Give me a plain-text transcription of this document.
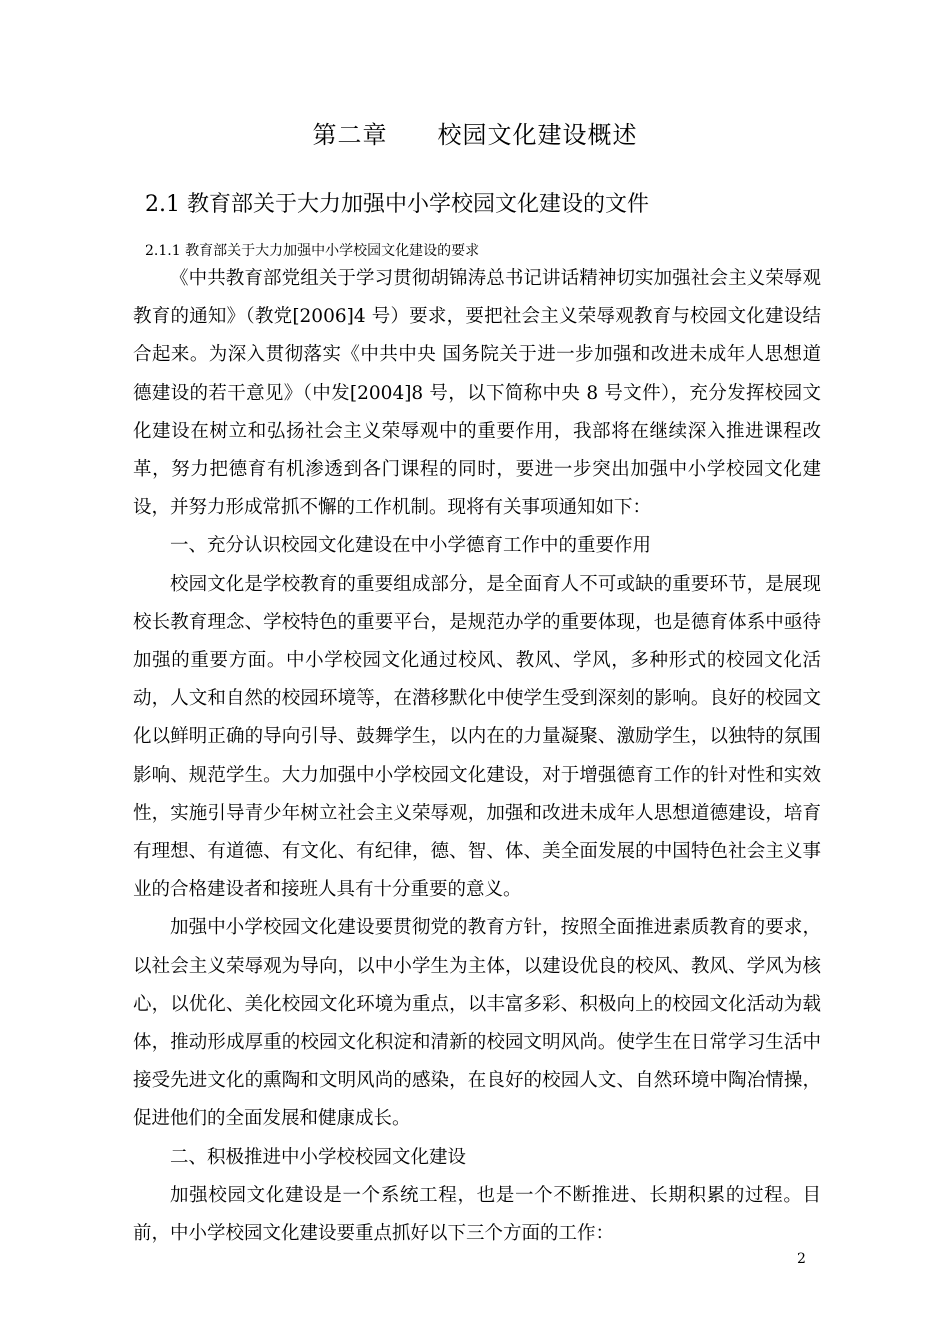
第二章　　校园文化建设概述
2.1 教育部关于大力加强中小学校园文化建设的文件
2.1.1 教育部关于大力加强中小学校园文化建设的要求

《中共教育部党组关于学习贯彻胡锦涛总书记讲话精神切实加强社会主义荣辱观教育的通知》（教党[2006]4 号）要求，要把社会主义荣辱观教育与校园文化建设结合起来。为深入贯彻落实《中共中央 国务院关于进一步加强和改进未成年人思想道德建设的若干意见》（中发[2004]8 号，以下简称中央 8 号文件），充分发挥校园文化建设在树立和弘扬社会主义荣辱观中的重要作用，我部将在继续深入推进课程改革，努力把德育有机渗透到各门课程的同时，要进一步突出加强中小学校园文化建设，并努力形成常抓不懈的工作机制。现将有关事项通知如下：

一、充分认识校园文化建设在中小学德育工作中的重要作用

校园文化是学校教育的重要组成部分，是全面育人不可或缺的重要环节，是展现校长教育理念、学校特色的重要平台，是规范办学的重要体现，也是德育体系中亟待加强的重要方面。中小学校园文化通过校风、教风、学风，多种形式的校园文化活动，人文和自然的校园环境等，在潜移默化中使学生受到深刻的影响。良好的校园文化以鲜明正确的导向引导、鼓舞学生，以内在的力量凝聚、激励学生，以独特的氛围影响、规范学生。大力加强中小学校园文化建设，对于增强德育工作的针对性和实效性，实施引导青少年树立社会主义荣辱观，加强和改进未成年人思想道德建设，培育有理想、有道德、有文化、有纪律，德、智、体、美全面发展的中国特色社会主义事业的合格建设者和接班人具有十分重要的意义。

加强中小学校园文化建设要贯彻党的教育方针，按照全面推进素质教育的要求，以社会主义荣辱观为导向，以中小学生为主体，以建设优良的校风、教风、学风为核心，以优化、美化校园文化环境为重点，以丰富多彩、积极向上的校园文化活动为载体，推动形成厚重的校园文化积淀和清新的校园文明风尚。使学生在日常学习生活中接受先进文化的熏陶和文明风尚的感染，在良好的校园人文、自然环境中陶冶情操，促进他们的全面发展和健康成长。

二、积极推进中小学校校园文化建设

加强校园文化建设是一个系统工程，也是一个不断推进、长期积累的过程。目前，中小学校园文化建设要重点抓好以下三个方面的工作：

2
